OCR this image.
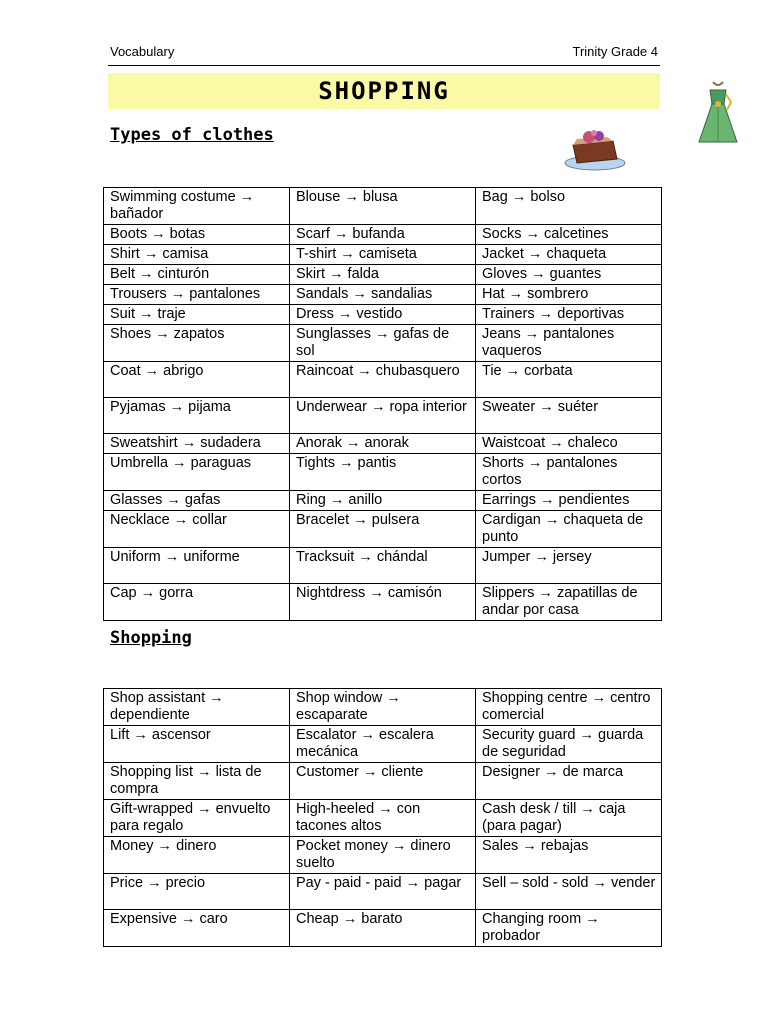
Vocabulary	Trinity Grade 4
SHOPPING
Types of clothes
Swimming costume → bañador	Blouse → blusa	Bag → bolso
Boots → botas	Scarf → bufanda	Socks → calcetines
Shirt → camisa	T-shirt → camiseta	Jacket → chaqueta
Belt → cinturón	Skirt → falda	Gloves → guantes
Trousers → pantalones	Sandals → sandalias	Hat → sombrero
Suit → traje	Dress → vestido	Trainers → deportivas
Shoes → zapatos	Sunglasses → gafas de sol	Jeans → pantalones vaqueros
Coat → abrigo	Raincoat → chubasquero	Tie → corbata
Pyjamas → pijama	Underwear → ropa interior	Sweater → suéter
Sweatshirt → sudadera	Anorak → anorak	Waistcoat → chaleco
Umbrella → paraguas	Tights → pantis	Shorts → pantalones cortos
Glasses → gafas	Ring → anillo	Earrings → pendientes
Necklace → collar	Bracelet → pulsera	Cardigan → chaqueta de punto
Uniform → uniforme	Tracksuit → chándal	Jumper → jersey
Cap → gorra	Nightdress → camisón	Slippers → zapatillas de andar por casa
Shopping
Shop assistant → dependiente	Shop window → escaparate	Shopping centre → centro comercial
Lift → ascensor	Escalator → escalera mecánica	Security guard → guarda de seguridad
Shopping list → lista de compra	Customer → cliente	Designer → de marca
Gift-wrapped → envuelto para regalo	High-heeled → con tacones altos	Cash desk / till → caja (para pagar)
Money → dinero	Pocket money → dinero suelto	Sales → rebajas
Price → precio	Pay - paid - paid → pagar	Sell – sold - sold → vender
Expensive → caro	Cheap → barato	Changing room → probador
